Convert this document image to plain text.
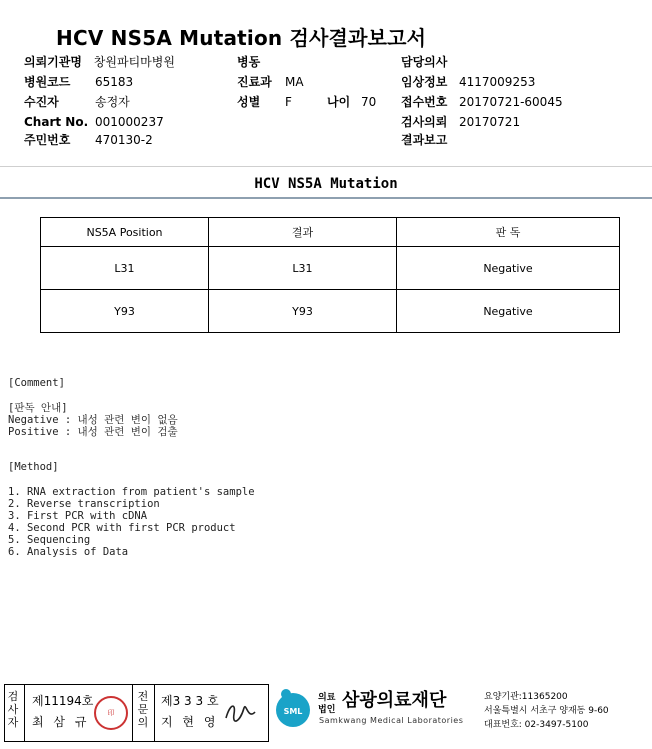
HCV NS5A Mutation 검사결과보고서
의뢰기관명 창원파티마병원
병원코드 65183
수진자	송정자
Chart No. 001000237
주민번호 470130-2
병동
진료과 MA
성별 F	나이 70
담당의사
임상정보 4117009253
접수번호 20170721-60045
검사의뢰 20170721
결과보고
HCV NS5A Mutation
NS5A Position	결과	판 독
L31	L31	Negative
Y93	Y93	Negative
[Comment]
[판독 안내]
Negative : 내성 관련 변이 없음
Positive : 내성 관련 변이 검출
[Method]
1. RNA extraction from patient's sample
2. Reverse transcription
3. First PCR with cDNA
4. Second PCR with first PCR product
5. Sequencing
6. Analysis of Data
검사자
제11194호
최 삼 규
印
전문의
제3 3 3 호
지 현 영
SML
의료
법인 삼광의료재단
Samkwang Medical Laboratories
요양기관:11365200
서울특별시 서초구 양재동 9-60
대표번호: 02-3497-5100
